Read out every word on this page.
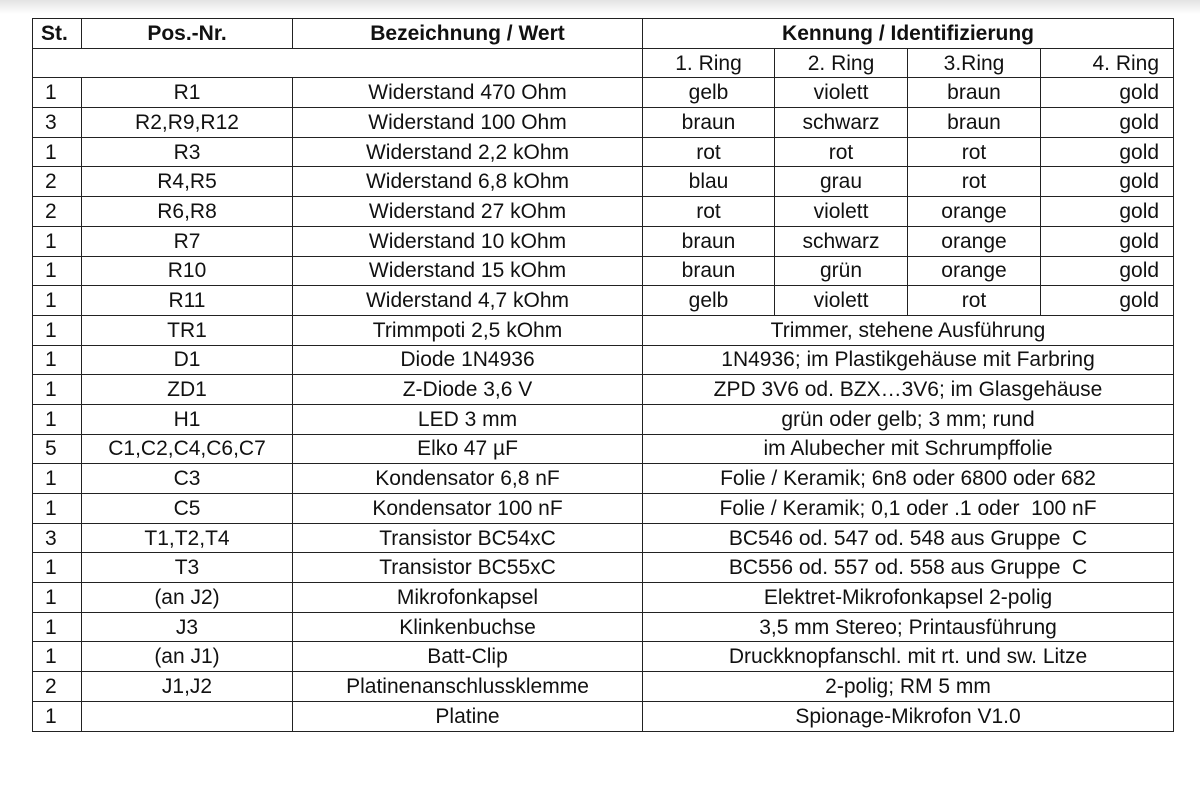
St.	Pos.-Nr.	Bezeichnung / Wert	Kennung / Identifizierung			
			1. Ring	2. Ring	3.Ring	4. Ring
1	R1	Widerstand 470 Ohm	gelb	violett	braun	gold
3	R2,R9,R12	Widerstand 100 Ohm	braun	schwarz	braun	gold
1	R3	Widerstand 2,2 kOhm	rot	rot	rot	gold
2	R4,R5	Widerstand 6,8 kOhm	blau	grau	rot	gold
2	R6,R8	Widerstand 27 kOhm	rot	violett	orange	gold
1	R7	Widerstand 10 kOhm	braun	schwarz	orange	gold
1	R10	Widerstand 15 kOhm	braun	grün	orange	gold
1	R11	Widerstand 4,7 kOhm	gelb	violett	rot	gold
1	TR1	Trimmpoti 2,5 kOhm	Trimmer, stehene Ausführung			
1	D1	Diode 1N4936	1N4936; im Plastikgehäuse mit Farbring			
1	ZD1	Z-Diode 3,6 V	ZPD 3V6 od. BZX…3V6; im Glasgehäuse			
1	H1	LED 3 mm	grün oder gelb; 3 mm; rund			
5	C1,C2,C4,C6,C7	Elko 47 µF	im Alubecher mit Schrumpffolie			
1	C3	Kondensator 6,8 nF	Folie / Keramik; 6n8 oder 6800 oder 682			
1	C5	Kondensator 100 nF	Folie / Keramik; 0,1 oder .1 oder  100 nF			
3	T1,T2,T4	Transistor BC54xC	BC546 od. 547 od. 548 aus Gruppe  C			
1	T3	Transistor BC55xC	BC556 od. 557 od. 558 aus Gruppe  C			
1	(an J2)	Mikrofonkapsel	Elektret-Mikrofonkapsel 2-polig			
1	J3	Klinkenbuchse	3,5 mm Stereo; Printausführung			
1	(an J1)	Batt-Clip	Druckknopfanschl. mit rt. und sw. Litze			
2	J1,J2	Platinenanschlussklemme	2-polig; RM 5 mm			
1		Platine	Spionage-Mikrofon V1.0			
